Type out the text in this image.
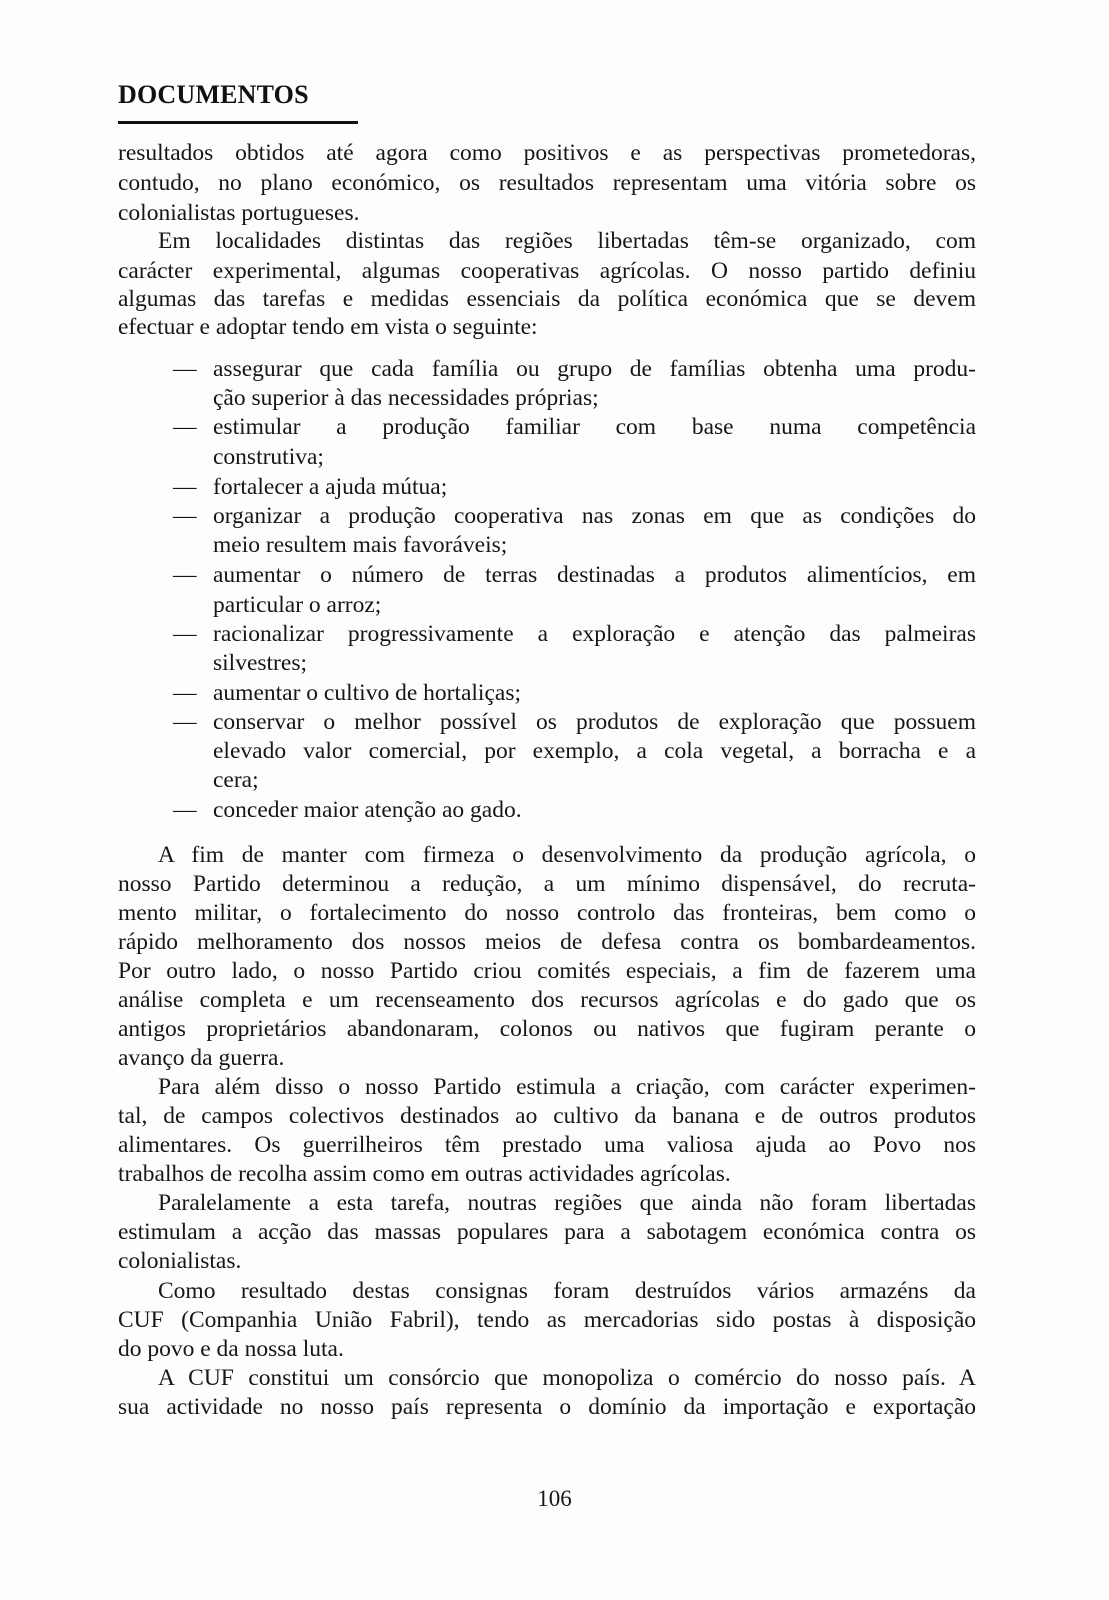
DOCUMENTOS
resultados obtidos até agora como positivos e as perspectivas prometedoras,
contudo, no plano económico, os resultados representam uma vitória sobre os
colonialistas portugueses.
Em localidades distintas das regiões libertadas têm-se organizado, com
carácter experimental, algumas cooperativas agrícolas. O nosso partido definiu
algumas das tarefas e medidas essenciais da política económica que se devem
efectuar e adoptar tendo em vista o seguinte:
— assegurar que cada família ou grupo de famílias obtenha uma produ-
ção superior à das necessidades próprias;
— estimular a produção familiar com base numa competência
construtiva;
— fortalecer a ajuda mútua;
— organizar a produção cooperativa nas zonas em que as condições do
meio resultem mais favoráveis;
— aumentar o número de terras destinadas a produtos alimentícios, em
particular o arroz;
— racionalizar progressivamente a exploração e atenção das palmeiras
silvestres;
— aumentar o cultivo de hortaliças;
— conservar o melhor possível os produtos de exploração que possuem
elevado valor comercial, por exemplo, a cola vegetal, a borracha e a
cera;
— conceder maior atenção ao gado.
A fim de manter com firmeza o desenvolvimento da produção agrícola, o
nosso Partido determinou a redução, a um mínimo dispensável, do recruta-
mento militar, o fortalecimento do nosso controlo das fronteiras, bem como o
rápido melhoramento dos nossos meios de defesa contra os bombardeamentos.
Por outro lado, o nosso Partido criou comités especiais, a fim de fazerem uma
análise completa e um recenseamento dos recursos agrícolas e do gado que os
antigos proprietários abandonaram, colonos ou nativos que fugiram perante o
avanço da guerra.
Para além disso o nosso Partido estimula a criação, com carácter experimen-
tal, de campos colectivos destinados ao cultivo da banana e de outros produtos
alimentares. Os guerrilheiros têm prestado uma valiosa ajuda ao Povo nos
trabalhos de recolha assim como em outras actividades agrícolas.
Paralelamente a esta tarefa, noutras regiões que ainda não foram libertadas
estimulam a acção das massas populares para a sabotagem económica contra os
colonialistas.
Como resultado destas consignas foram destruídos vários armazéns da
CUF (Companhia União Fabril), tendo as mercadorias sido postas à disposição
do povo e da nossa luta.
A CUF constitui um consórcio que monopoliza o comércio do nosso país. A
sua actividade no nosso país representa o domínio da importação e exportação
106
